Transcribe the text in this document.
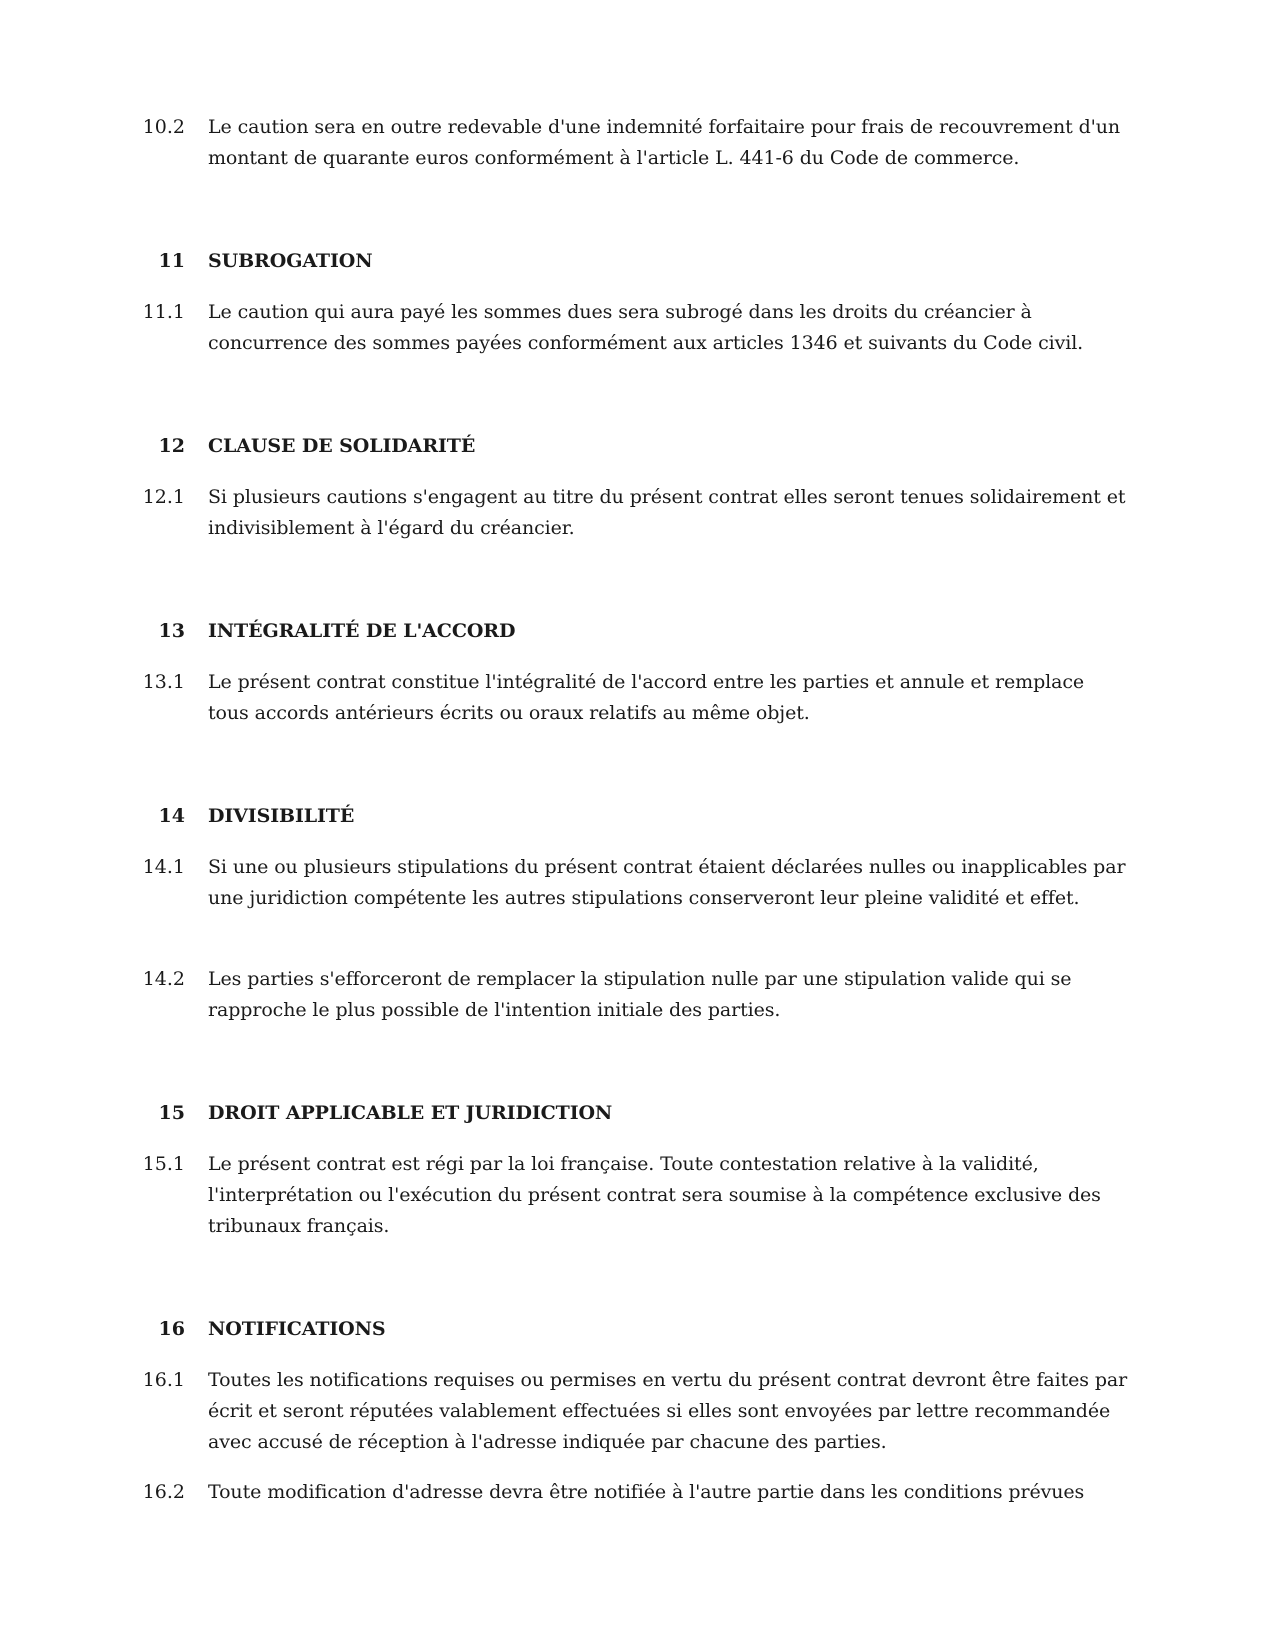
10.2 Le caution sera en outre redevable d'une indemnité forfaitaire pour frais de recouvrement d'un montant de quarante euros conformément à l'article L. 441-6 du Code de commerce.
11 SUBROGATION
11.1 Le caution qui aura payé les sommes dues sera subrogé dans les droits du créancier à concurrence des sommes payées conformément aux articles 1346 et suivants du Code civil.
12 CLAUSE DE SOLIDARITÉ
12.1 Si plusieurs cautions s'engagent au titre du présent contrat elles seront tenues solidairement et indivisiblement à l'égard du créancier.
13 INTÉGRALITÉ DE L'ACCORD
13.1 Le présent contrat constitue l'intégralité de l'accord entre les parties et annule et remplace tous accords antérieurs écrits ou oraux relatifs au même objet.
14 DIVISIBILITÉ
14.1 Si une ou plusieurs stipulations du présent contrat étaient déclarées nulles ou inapplicables par une juridiction compétente les autres stipulations conserveront leur pleine validité et effet.
14.2 Les parties s'efforceront de remplacer la stipulation nulle par une stipulation valide qui se rapproche le plus possible de l'intention initiale des parties.
15 DROIT APPLICABLE ET JURIDICTION
15.1 Le présent contrat est régi par la loi française. Toute contestation relative à la validité, l'interprétation ou l'exécution du présent contrat sera soumise à la compétence exclusive des tribunaux français.
16 NOTIFICATIONS
16.1 Toutes les notifications requises ou permises en vertu du présent contrat devront être faites par écrit et seront réputées valablement effectuées si elles sont envoyées par lettre recommandée avec accusé de réception à l'adresse indiquée par chacune des parties.
16.2 Toute modification d'adresse devra être notifiée à l'autre partie dans les conditions prévues
